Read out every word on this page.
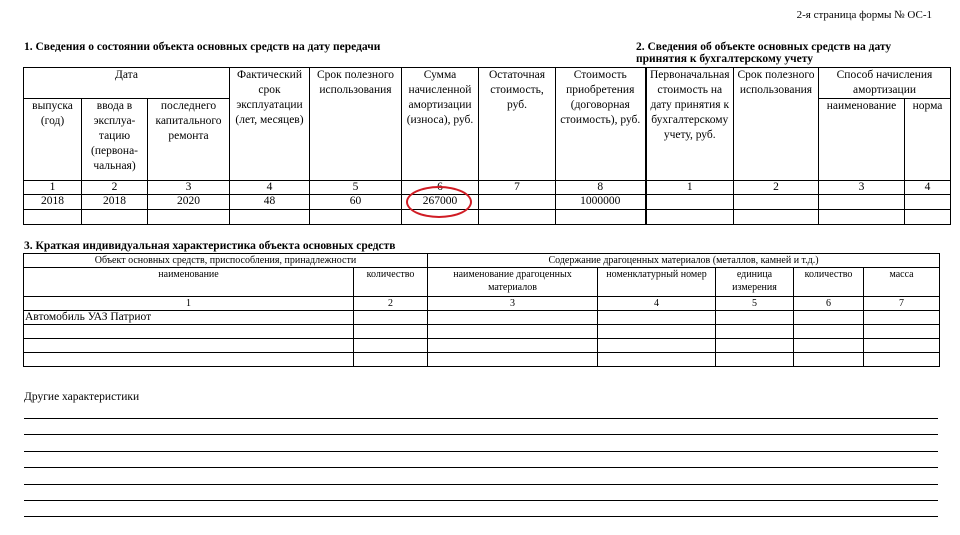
2-я страница формы № ОС-1
1. Сведения о состоянии объекта основных средств на дату передачи	2. Сведения об объекте основных средств на дату принятия к бухгалтерскому учету
Дата			Фактический срок эксплуатации (лет, месяцев)	Срок полезного использования	Сумма начисленной амортизации (износа), руб.	Остаточная стоимость, руб.	Стоимость приобретения (договорная стоимость), руб.	Первоначальная стоимость на дату принятия к бухгалтерскому учету, руб.	Срок полезного использования	Способ начисления амортизации	
выпуска (год)	ввода в эксплуа-тацию (первона-чальная)	последнего капитального ремонта								наименование	норма
1	2	3	4	5	6	7	8	1	2	3	4
2018	2018	2020	48	60	267000		1000000				

3. Краткая индивидуальная характеристика объекта основных средств
Объект основных средств, приспособления, принадлежности		Содержание драгоценных материалов (металлов, камней и т.д.)				
наименование	количество	наименование драгоценных материалов	номенклатурный номер	единица измерения	количество	масса
1	2	3	4	5	6	7
Автомобиль УАЗ Патриот						

Другие характеристики
